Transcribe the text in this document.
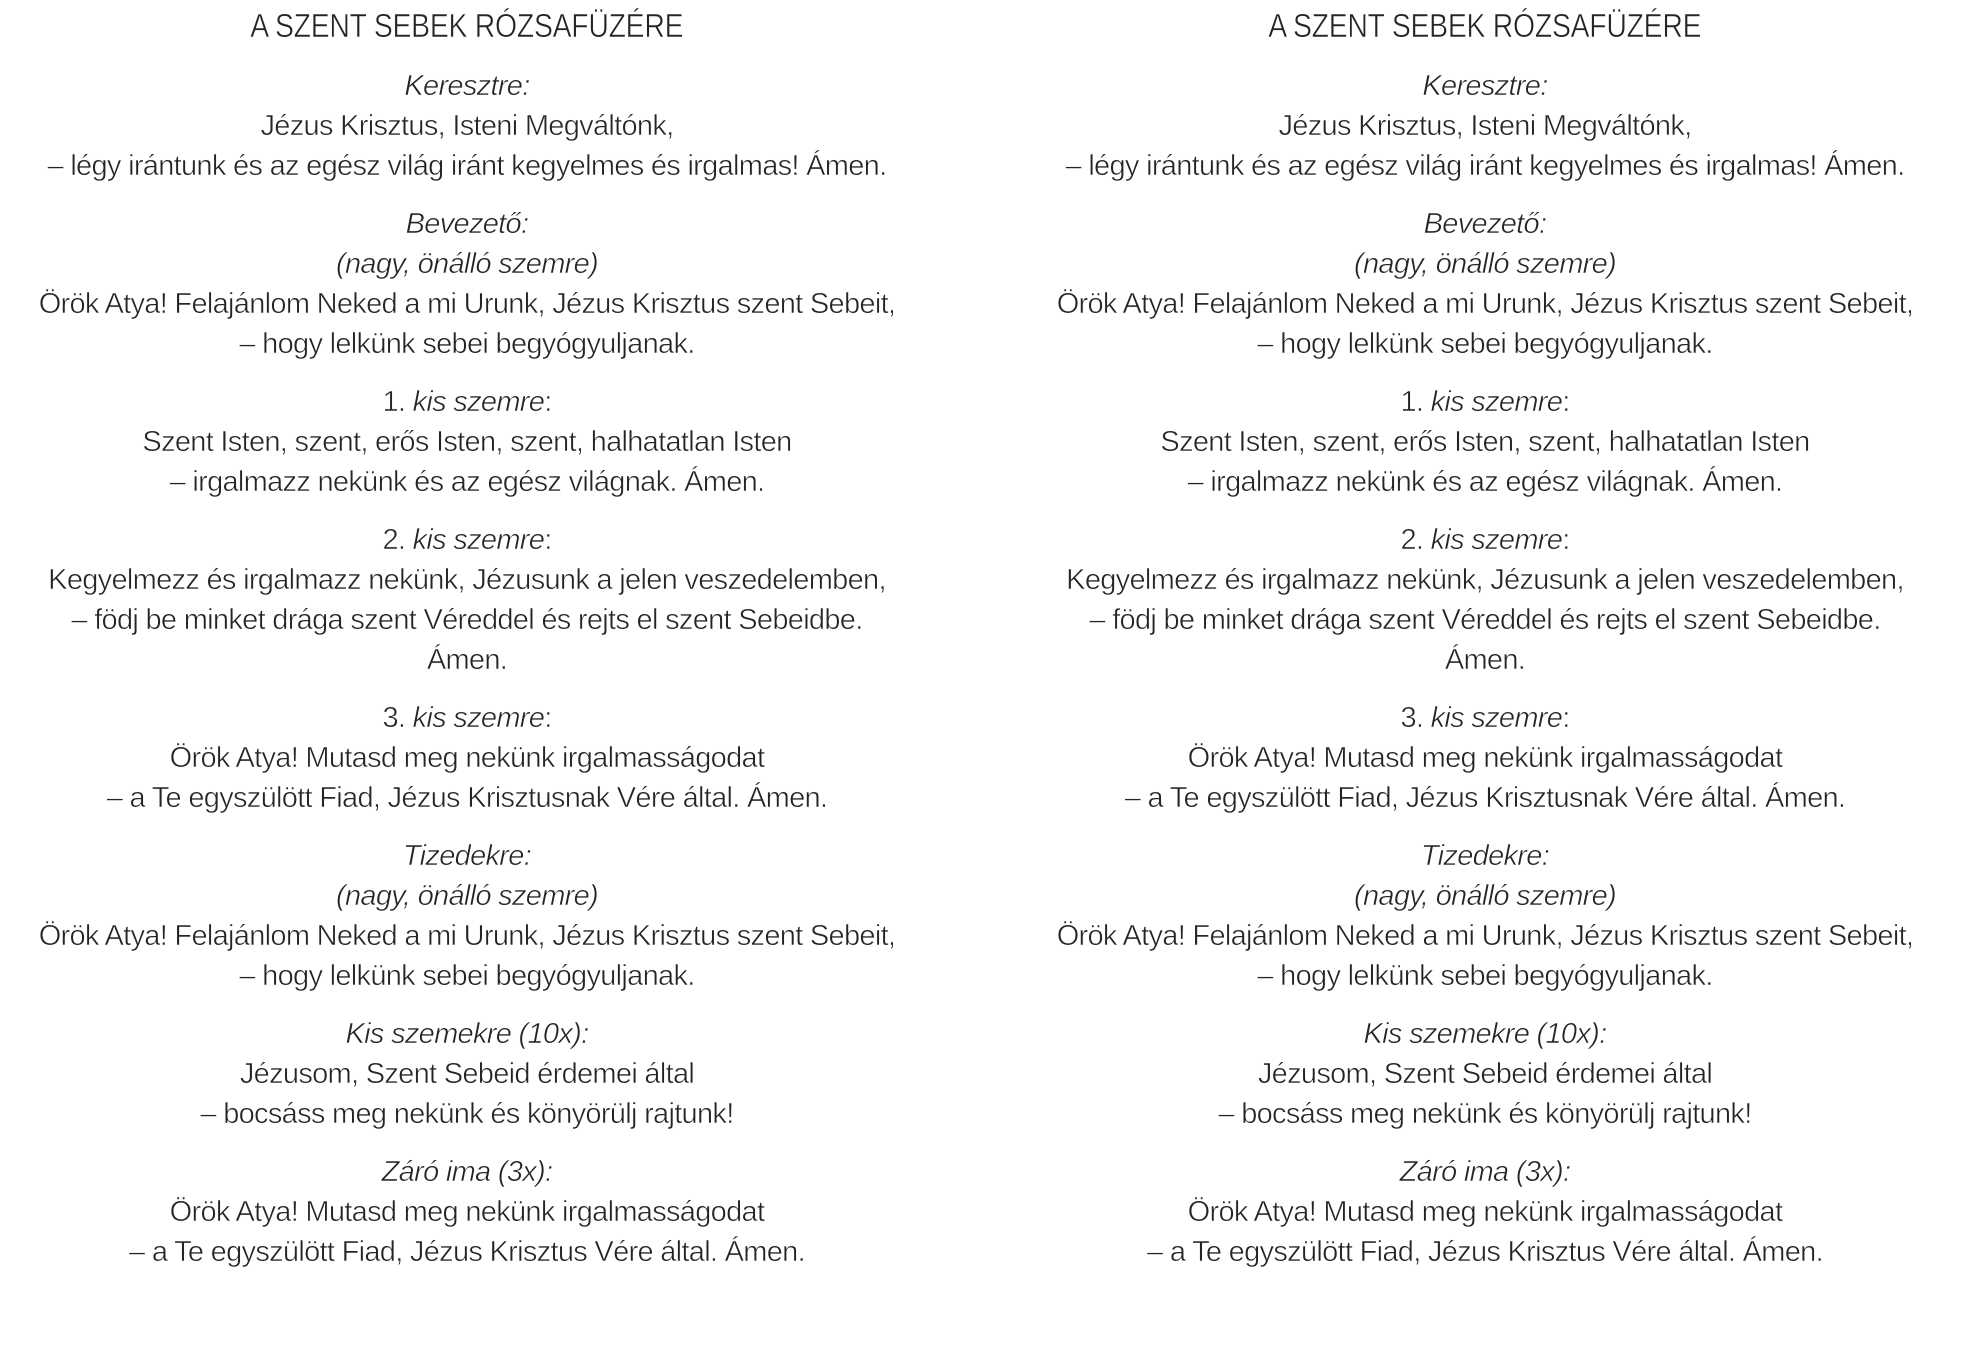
A SZENT SEBEK RÓZSAFÜZÉRE
Keresztre:
Jézus Krisztus, Isteni Megváltónk,
– légy irántunk és az egész világ iránt kegyelmes és irgalmas! Ámen.
Bevezető:
(nagy, önálló szemre)
Örök Atya! Felajánlom Neked a mi Urunk, Jézus Krisztus szent Sebeit,
– hogy lelkünk sebei begyógyuljanak.
1. kis szemre:
Szent Isten, szent, erős Isten, szent, halhatatlan Isten
– irgalmazz nekünk és az egész világnak. Ámen.
2. kis szemre:
Kegyelmezz és irgalmazz nekünk, Jézusunk a jelen veszedelemben,
– födj be minket drága szent Véreddel és rejts el szent Sebeidbe.
Ámen.
3. kis szemre:
Örök Atya! Mutasd meg nekünk irgalmasságodat
– a Te egyszülött Fiad, Jézus Krisztusnak Vére által. Ámen.
Tizedekre:
(nagy, önálló szemre)
Örök Atya! Felajánlom Neked a mi Urunk, Jézus Krisztus szent Sebeit,
– hogy lelkünk sebei begyógyuljanak.
Kis szemekre (10x):
Jézusom, Szent Sebeid érdemei által
– bocsáss meg nekünk és könyörülj rajtunk!
Záró ima (3x):
Örök Atya! Mutasd meg nekünk irgalmasságodat
– a Te egyszülött Fiad, Jézus Krisztus Vére által. Ámen.
A SZENT SEBEK RÓZSAFÜZÉRE
Keresztre:
Jézus Krisztus, Isteni Megváltónk,
– légy irántunk és az egész világ iránt kegyelmes és irgalmas! Ámen.
Bevezető:
(nagy, önálló szemre)
Örök Atya! Felajánlom Neked a mi Urunk, Jézus Krisztus szent Sebeit,
– hogy lelkünk sebei begyógyuljanak.
1. kis szemre:
Szent Isten, szent, erős Isten, szent, halhatatlan Isten
– irgalmazz nekünk és az egész világnak. Ámen.
2. kis szemre:
Kegyelmezz és irgalmazz nekünk, Jézusunk a jelen veszedelemben,
– födj be minket drága szent Véreddel és rejts el szent Sebeidbe.
Ámen.
3. kis szemre:
Örök Atya! Mutasd meg nekünk irgalmasságodat
– a Te egyszülött Fiad, Jézus Krisztusnak Vére által. Ámen.
Tizedekre:
(nagy, önálló szemre)
Örök Atya! Felajánlom Neked a mi Urunk, Jézus Krisztus szent Sebeit,
– hogy lelkünk sebei begyógyuljanak.
Kis szemekre (10x):
Jézusom, Szent Sebeid érdemei által
– bocsáss meg nekünk és könyörülj rajtunk!
Záró ima (3x):
Örök Atya! Mutasd meg nekünk irgalmasságodat
– a Te egyszülött Fiad, Jézus Krisztus Vére által. Ámen.
